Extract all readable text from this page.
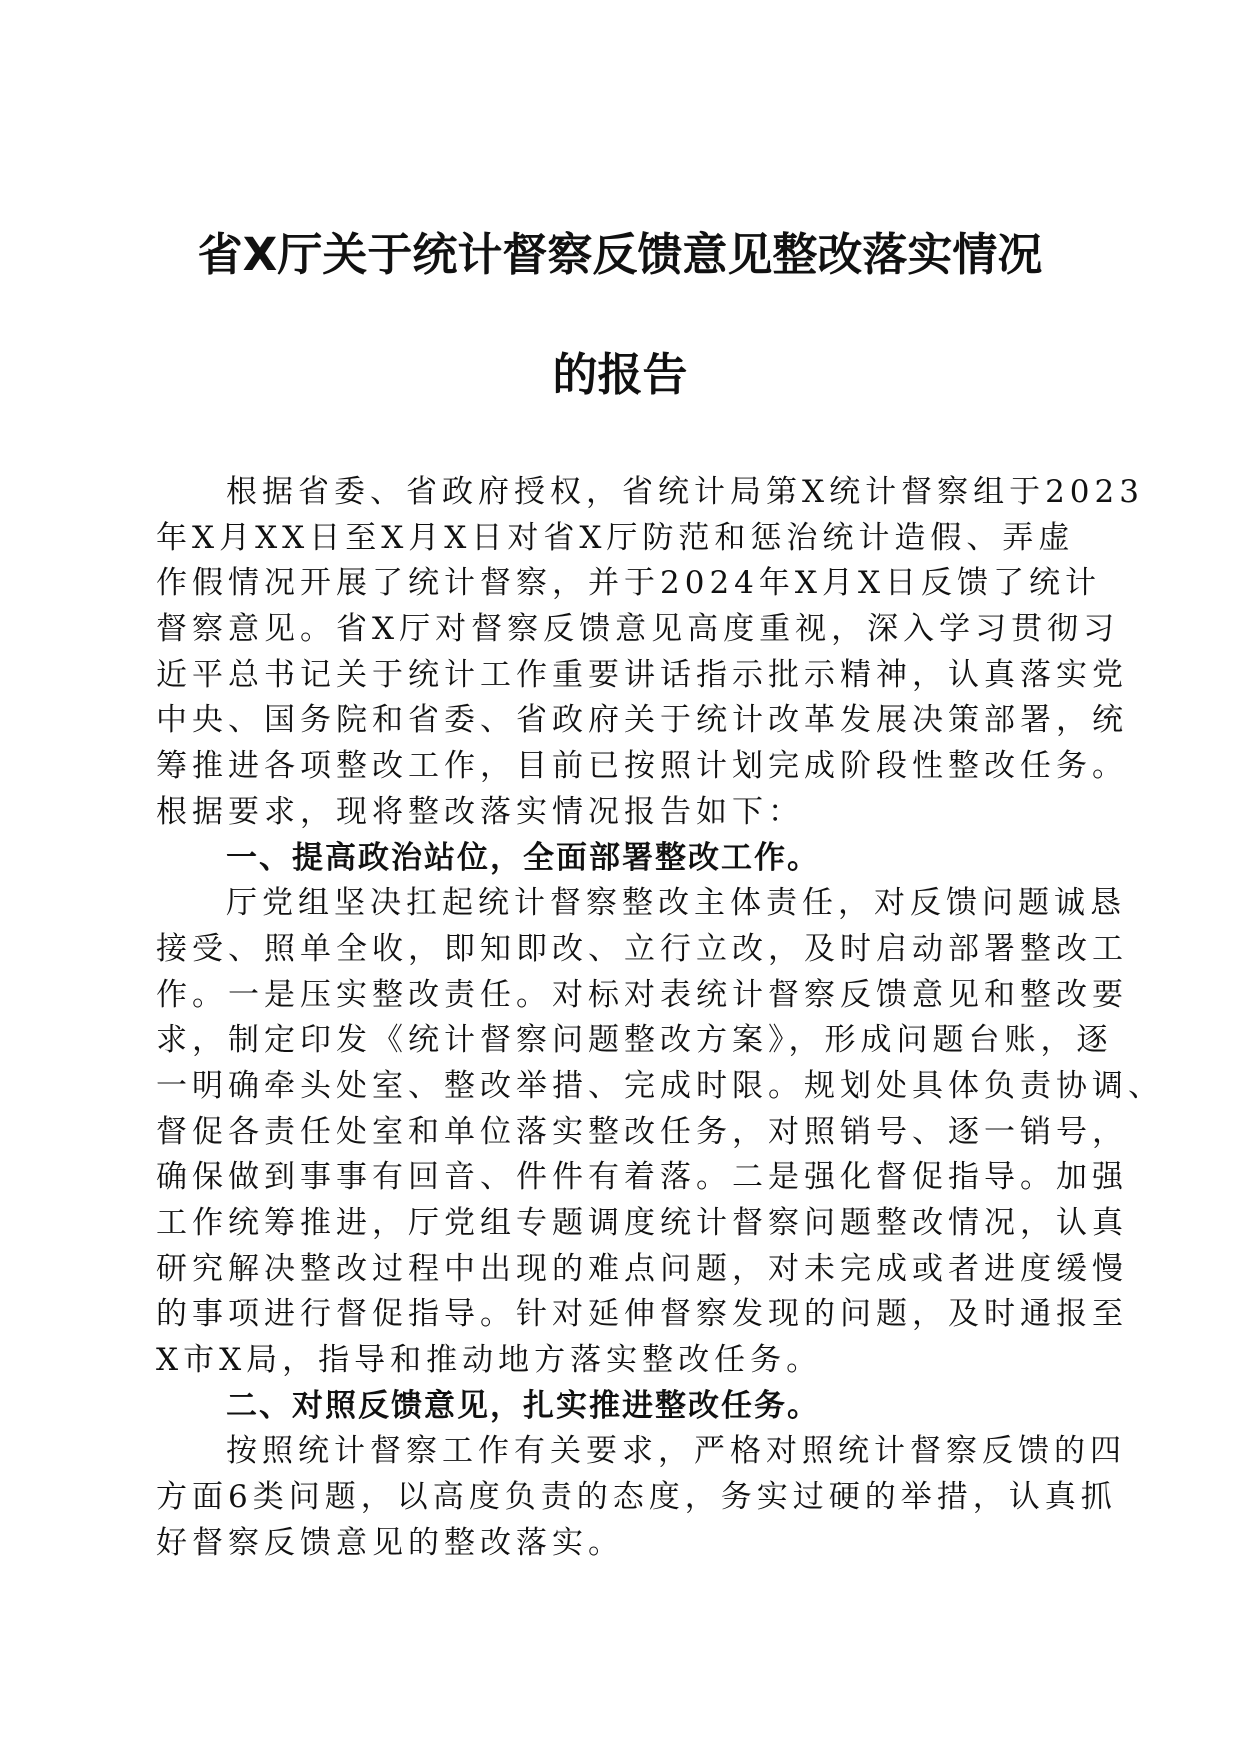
省X厅关于统计督察反馈意见整改落实情况
的报告
根据省委、省政府授权，省统计局第X统计督察组于2023
年X月XX日至X月X日对省X厅防范和惩治统计造假、弄虚
作假情况开展了统计督察，并于2024年X月X日反馈了统计
督察意见。省X厅对督察反馈意见高度重视，深入学习贯彻习
近平总书记关于统计工作重要讲话指示批示精神，认真落实党
中央、国务院和省委、省政府关于统计改革发展决策部署，统
筹推进各项整改工作，目前已按照计划完成阶段性整改任务。
根据要求，现将整改落实情况报告如下：
一、提高政治站位，全面部署整改工作。
厅党组坚决扛起统计督察整改主体责任，对反馈问题诚恳
接受、照单全收，即知即改、立行立改，及时启动部署整改工
作。一是压实整改责任。对标对表统计督察反馈意见和整改要
求，制定印发《统计督察问题整改方案》，形成问题台账，逐
一明确牵头处室、整改举措、完成时限。规划处具体负责协调、
督促各责任处室和单位落实整改任务，对照销号、逐一销号，
确保做到事事有回音、件件有着落。二是强化督促指导。加强
工作统筹推进，厅党组专题调度统计督察问题整改情况，认真
研究解决整改过程中出现的难点问题，对未完成或者进度缓慢
的事项进行督促指导。针对延伸督察发现的问题，及时通报至
X市X局，指导和推动地方落实整改任务。
二、对照反馈意见，扎实推进整改任务。
按照统计督察工作有关要求，严格对照统计督察反馈的四
方面6类问题，以高度负责的态度，务实过硬的举措，认真抓
好督察反馈意见的整改落实。
